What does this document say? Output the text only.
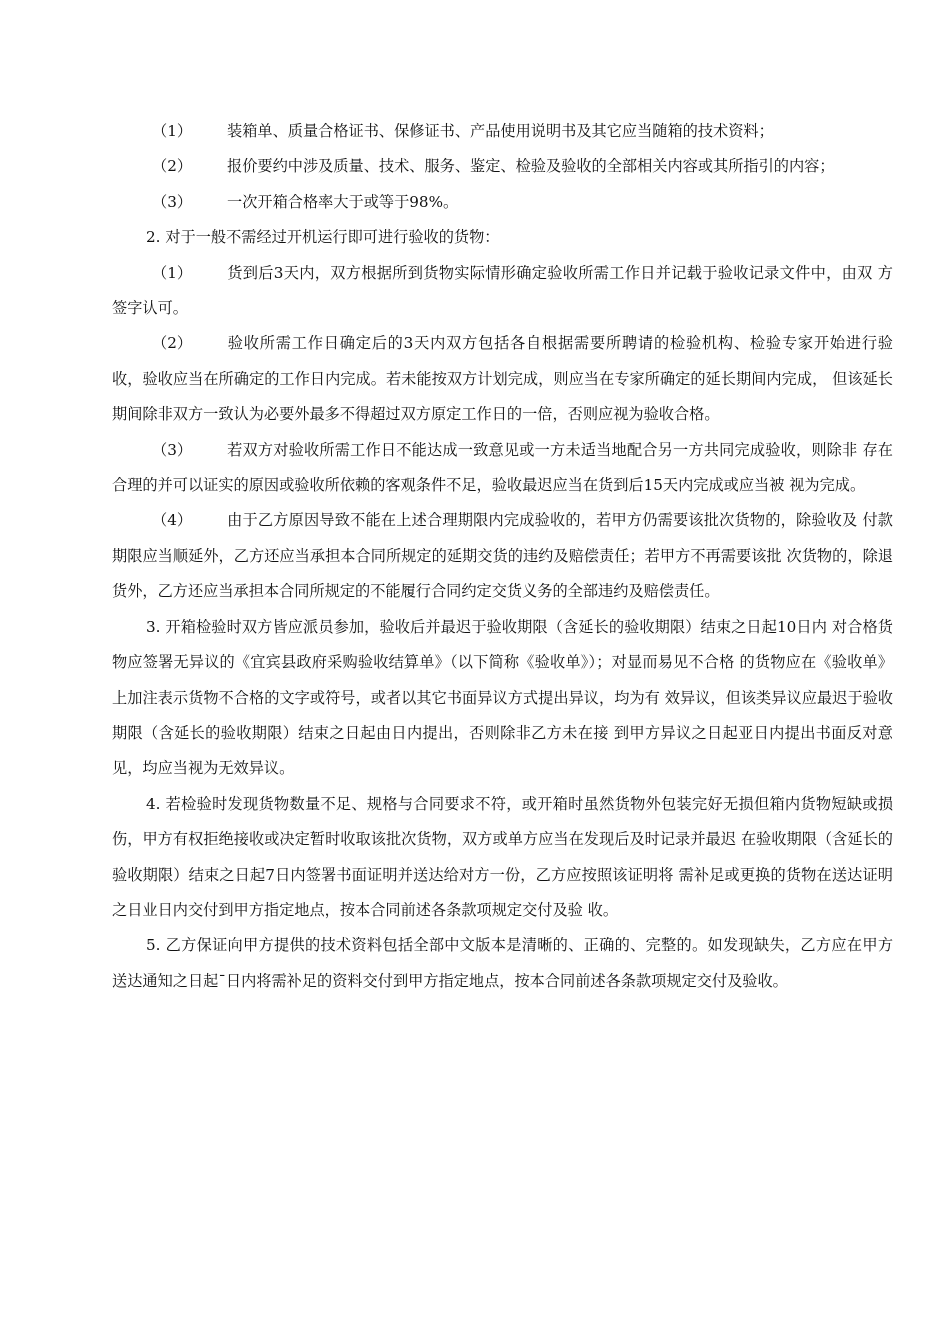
（1） 装箱单、质量合格证书、保修证书、产品使用说明书及其它应当随箱的技术资料；

（2） 报价要约中涉及质量、技术、服务、鉴定、检验及验收的全部相关内容或其所指引的内容；

（3） 一次开箱合格率大于或等于98%。

2. 对于一般不需经过开机运行即可进行验收的货物：

（1） 货到后3天内，双方根据所到货物实际情形确定验收所需工作日并记载于验收记录文件中，由双 方签字认可。

（2） 验收所需工作日确定后的3天内双方包括各自根据需要所聘请的检验机构、检验专家开始进行验 收，验收应当在所确定的工作日内完成。若未能按双方计划完成，则应当在专家所确定的延长期间内完成， 但该延长期间除非双方一致认为必要外最多不得超过双方原定工作日的一倍，否则应视为验收合格。

（3） 若双方对验收所需工作日不能达成一致意见或一方未适当地配合另一方共同完成验收，则除非 存在合理的并可以证实的原因或验收所依赖的客观条件不足，验收最迟应当在货到后15天内完成或应当被 视为完成。

（4） 由于乙方原因导致不能在上述合理期限内完成验收的，若甲方仍需要该批次货物的，除验收及 付款期限应当顺延外，乙方还应当承担本合同所规定的延期交货的违约及赔偿责任；若甲方不再需要该批 次货物的，除退货外，乙方还应当承担本合同所规定的不能履行合同约定交货义务的全部违约及赔偿责任。

3. 开箱检验时双方皆应派员参加，验收后并最迟于验收期限（含延长的验收期限）结束之日起10日内 对合格货物应签署无异议的《宜宾县政府采购验收结算单》（以下简称《验收单》）；对显而易见不合格 的货物应在《验收单》上加注表示货物不合格的文字或符号，或者以其它书面异议方式提出异议，均为有 效异议，但该类异议应最迟于验收期限（含延长的验收期限）结束之日起由日内提出，否则除非乙方未在接 到甲方异议之日起亚日内提出书面反对意见，均应当视为无效异议。

4. 若检验时发现货物数量不足、规格与合同要求不符，或开箱时虽然货物外包装完好无损但箱内货物短缺或损伤，甲方有权拒绝接收或决定暂时收取该批次货物，双方或单方应当在发现后及时记录并最迟 在验收期限（含延长的验收期限）结束之日起7日内签署书面证明并送达给对方一份，乙方应按照该证明将 需补足或更换的货物在送达证明之日业日内交付到甲方指定地点，按本合同前述各条款项规定交付及验 收。

5. 乙方保证向甲方提供的技术资料包括全部中文版本是清晰的、正确的、完整的。如发现缺失，乙方应在甲方送达通知之日起ˉ日内将需补足的资料交付到甲方指定地点，按本合同前述各条款项规定交付及验收。
